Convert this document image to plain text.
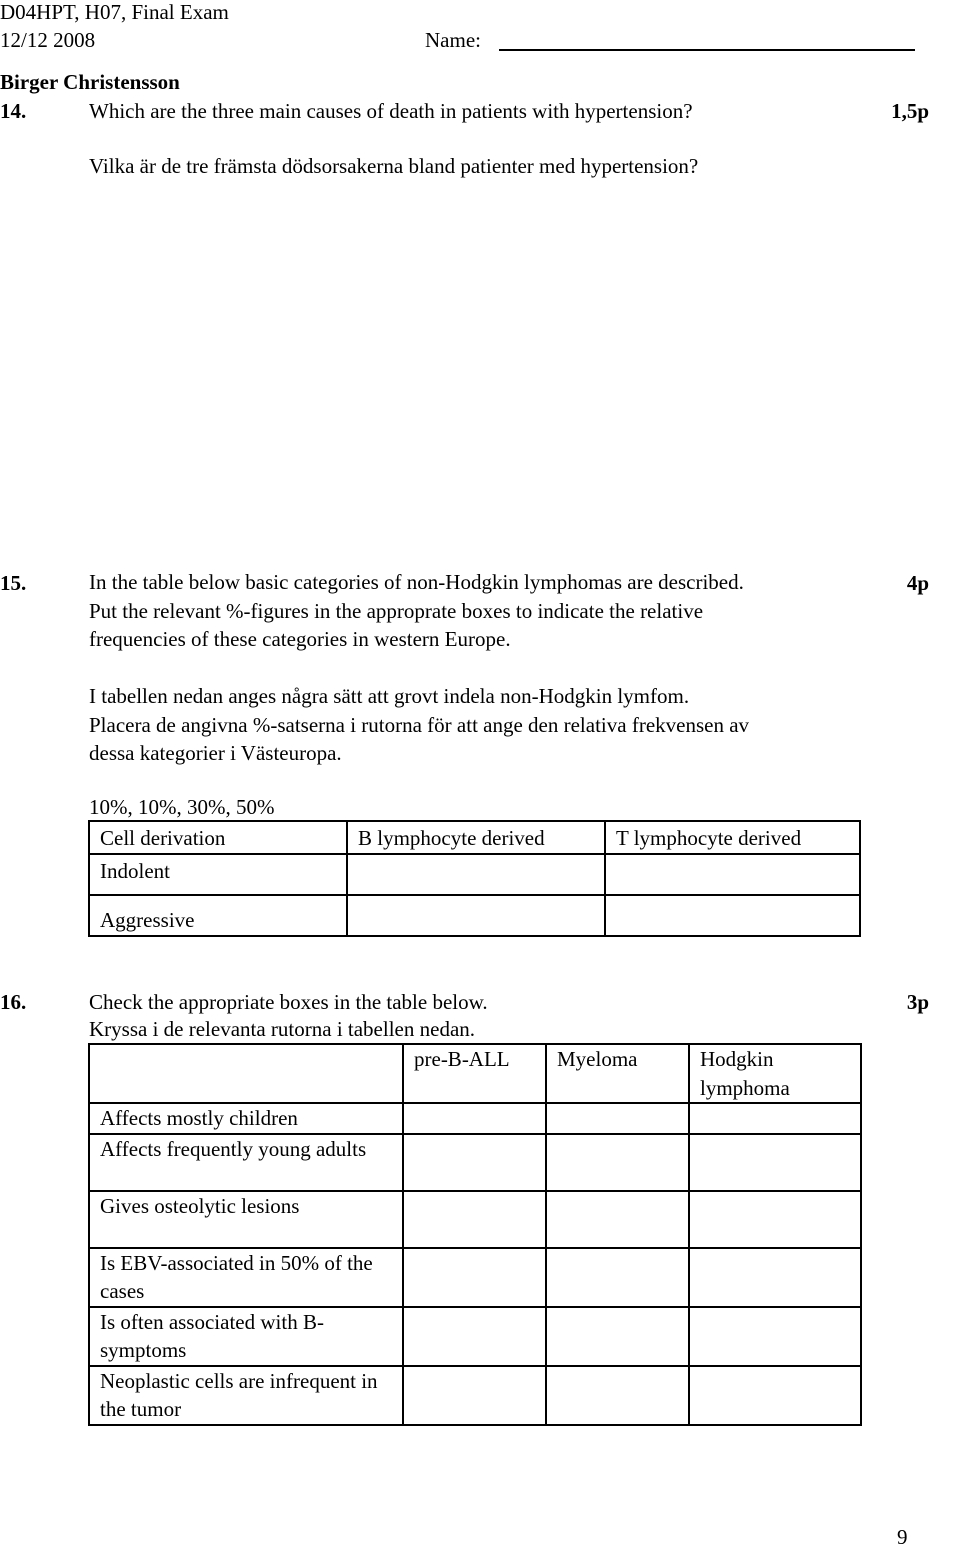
D04HPT, H07, Final Exam
12/12 2008	Name:
Birger Christensson
14.	Which are the three main causes of death in patients with hypertension?	1,5p
Vilka är de tre främsta dödsorsakerna bland patienter med hypertension?
15.	4p
In the table below basic categories of non-Hodgkin lymphomas are described.
Put the relevant %-figures in the approprate boxes to indicate the relative
frequencies of these categories in western Europe.
I tabellen nedan anges några sätt att grovt indela non-Hodgkin lymfom.
Placera de angivna %-satserna i rutorna för att ange den relativa frekvensen av
dessa kategorier i Västeuropa.
10%, 10%, 30%, 50%
Cell derivation	B lymphocyte derived	T lymphocyte derived
Indolent		
Aggressive		
16.	Check the appropriate boxes in the table below.	3p
Kryssa i de relevanta rutorna i tabellen nedan.
	pre-B-ALL	Myeloma	Hodgkin lymphoma
Affects mostly children			
Affects frequently young adults			
Gives osteolytic lesions			
Is EBV-associated in 50% of the cases			
Is often associated with B-symptoms			
Neoplastic cells are infrequent in the tumor			
9
